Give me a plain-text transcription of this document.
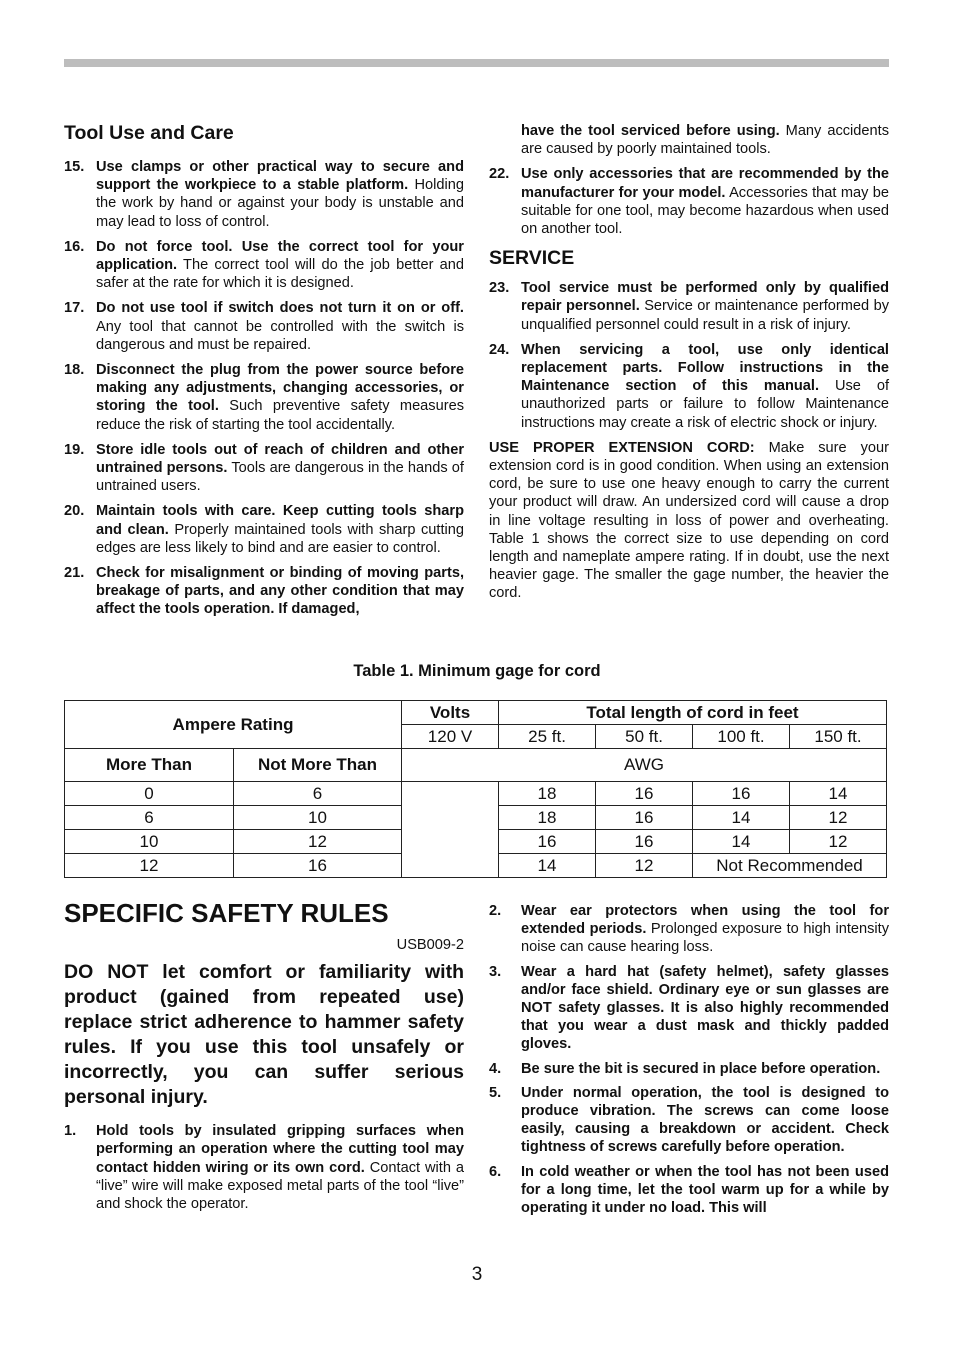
Tool Use and Care
15. Use clamps or other practical way to secure and support the workpiece to a stable platform. Holding the work by hand or against your body is unstable and may lead to loss of control.
16. Do not force tool. Use the correct tool for your application. The correct tool will do the job better and safer at the rate for which it is designed.
17. Do not use tool if switch does not turn it on or off. Any tool that cannot be controlled with the switch is dangerous and must be repaired.
18. Disconnect the plug from the power source before making any adjustments, changing accessories, or storing the tool. Such preventive safety measures reduce the risk of starting the tool accidentally.
19. Store idle tools out of reach of children and other untrained persons. Tools are dangerous in the hands of untrained users.
20. Maintain tools with care. Keep cutting tools sharp and clean. Properly maintained tools with sharp cutting edges are less likely to bind and are easier to control.
21. Check for misalignment or binding of moving parts, breakage of parts, and any other condition that may affect the tools operation. If damaged,
have the tool serviced before using. Many accidents are caused by poorly maintained tools.
22. Use only accessories that are recommended by the manufacturer for your model. Accessories that may be suitable for one tool, may become hazardous when used on another tool.
SERVICE
23. Tool service must be performed only by qualified repair personnel. Service or maintenance performed by unqualified personnel could result in a risk of injury.
24. When servicing a tool, use only identical replacement parts. Follow instructions in the Maintenance section of this manual. Use of unauthorized parts or failure to follow Maintenance instructions may create a risk of electric shock or injury.
USE PROPER EXTENSION CORD: Make sure your extension cord is in good condition. When using an extension cord, be sure to use one heavy enough to carry the current your product will draw. An undersized cord will cause a drop in line voltage resulting in loss of power and overheating. Table 1 shows the correct size to use depending on cord length and nameplate ampere rating. If in doubt, use the next heavier gage. The smaller the gage number, the heavier the cord.
Table 1. Minimum gage for cord
Ampere Rating		Volts	Total length of cord in feet			
		120 V	25 ft.	50 ft.	100 ft.	150 ft.
More Than	Not More Than	AWG				
0	6		18	16	16	14
6	10		18	16	14	12
10	12		16	16	14	12
12	16		14	12	Not Recommended	
SPECIFIC SAFETY RULES
USB009-2
DO NOT let comfort or familiarity with product (gained from repeated use) replace strict adherence to hammer safety rules. If you use this tool unsafely or incorrectly, you can suffer serious personal injury.
1.	Hold tools by insulated gripping surfaces when performing an operation where the cutting tool may contact hidden wiring or its own cord. Contact with a “live” wire will make exposed metal parts of the tool “live” and shock the operator.
2.	Wear ear protectors when using the tool for extended periods. Prolonged exposure to high intensity noise can cause hearing loss.
3.	Wear a hard hat (safety helmet), safety glasses and/or face shield. Ordinary eye or sun glasses are NOT safety glasses. It is also highly recommended that you wear a dust mask and thickly padded gloves.
4.	Be sure the bit is secured in place before operation.
5.	Under normal operation, the tool is designed to produce vibration. The screws can come loose easily, causing a breakdown or accident. Check tightness of screws carefully before operation.
6.	In cold weather or when the tool has not been used for a long time, let the tool warm up for a while by operating it under no load. This will
3
